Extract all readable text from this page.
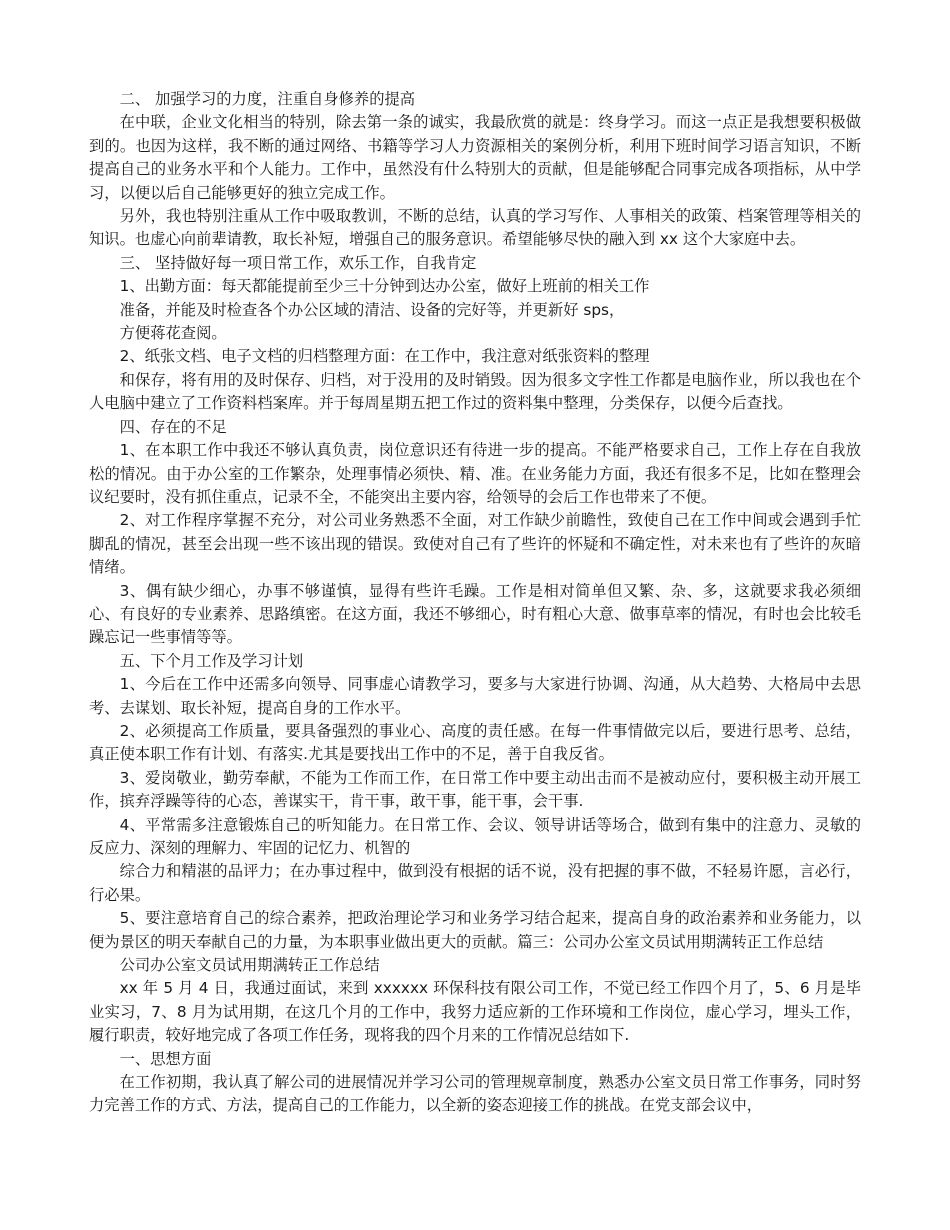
二、 加强学习的力度，注重自身修养的提高

在中联，企业文化相当的特别，除去第一条的诚实，我最欣赏的就是：终身学习。而这一点正是我想要积极做到的。也因为这样，我不断的通过网络、书籍等学习人力资源相关的案例分析，利用下班时间学习语言知识，不断提高自己的业务水平和个人能力。工作中，虽然没有什么特别大的贡献，但是能够配合同事完成各项指标，从中学习，以便以后自己能够更好的独立完成工作。

另外，我也特别注重从工作中吸取教训，不断的总结，认真的学习写作、人事相关的政策、档案管理等相关的知识。也虚心向前辈请教，取长补短，增强自己的服务意识。希望能够尽快的融入到 xx 这个大家庭中去。

三、 坚持做好每一项日常工作，欢乐工作，自我肯定

1、出勤方面：每天都能提前至少三十分钟到达办公室，做好上班前的相关工作

准备，并能及时检查各个办公区域的清洁、设备的完好等，并更新好 sps，

方便蒋花查阅。

2、纸张文档、电子文档的归档整理方面：在工作中，我注意对纸张资料的整理

和保存，将有用的及时保存、归档，对于没用的及时销毁。因为很多文字性工作都是电脑作业，所以我也在个人电脑中建立了工作资料档案库。并于每周星期五把工作过的资料集中整理，分类保存，以便今后查找。

四、存在的不足

1、在本职工作中我还不够认真负责，岗位意识还有待进一步的提高。不能严格要求自己，工作上存在自我放松的情况。由于办公室的工作繁杂，处理事情必须快、精、准。在业务能力方面，我还有很多不足，比如在整理会议纪要时，没有抓住重点，记录不全，不能突出主要内容，给领导的会后工作也带来了不便。

2、对工作程序掌握不充分，对公司业务熟悉不全面，对工作缺少前瞻性，致使自己在工作中间或会遇到手忙脚乱的情况，甚至会出现一些不该出现的错误。致使对自己有了些许的怀疑和不确定性，对未来也有了些许的灰暗情绪。

3、偶有缺少细心，办事不够谨慎，显得有些许毛躁。工作是相对简单但又繁、杂、多，这就要求我必须细心、有良好的专业素养、思路缜密。在这方面，我还不够细心，时有粗心大意、做事草率的情况，有时也会比较毛躁忘记一些事情等等。

五、下个月工作及学习计划

1、今后在工作中还需多向领导、同事虚心请教学习，要多与大家进行协调、沟通，从大趋势、大格局中去思考、去谋划、取长补短，提高自身的工作水平。

2、必须提高工作质量，要具备强烈的事业心、高度的责任感。在每一件事情做完以后，要进行思考、总结，真正使本职工作有计划、有落实.尤其是要找出工作中的不足，善于自我反省。

3、爱岗敬业，勤劳奉献，不能为工作而工作，在日常工作中要主动出击而不是被动应付，要积极主动开展工作，摈弃浮躁等待的心态，善谋实干，肯干事，敢干事，能干事，会干事.

4、平常需多注意锻炼自己的听知能力。在日常工作、会议、领导讲话等场合，做到有集中的注意力、灵敏的反应力、深刻的理解力、牢固的记忆力、机智的

综合力和精湛的品评力；在办事过程中，做到没有根据的话不说，没有把握的事不做，不轻易许愿，言必行，行必果。

5、要注意培育自己的综合素养，把政治理论学习和业务学习结合起来，提高自身的政治素养和业务能力，以便为景区的明天奉献自己的力量，为本职事业做出更大的贡献。篇三：公司办公室文员试用期满转正工作总结

公司办公室文员试用期满转正工作总结

xx 年 5 月 4 日，我通过面试，来到 xxxxxx 环保科技有限公司工作，不觉已经工作四个月了，5、6 月是毕业实习，7、8 月为试用期，在这几个月的工作中，我努力适应新的工作环境和工作岗位，虚心学习，埋头工作，履行职责，较好地完成了各项工作任务，现将我的四个月来的工作情况总结如下.

一、思想方面

在工作初期，我认真了解公司的进展情况并学习公司的管理规章制度，熟悉办公室文员日常工作事务，同时努力完善工作的方式、方法，提高自己的工作能力，以全新的姿态迎接工作的挑战。在党支部会议中，
